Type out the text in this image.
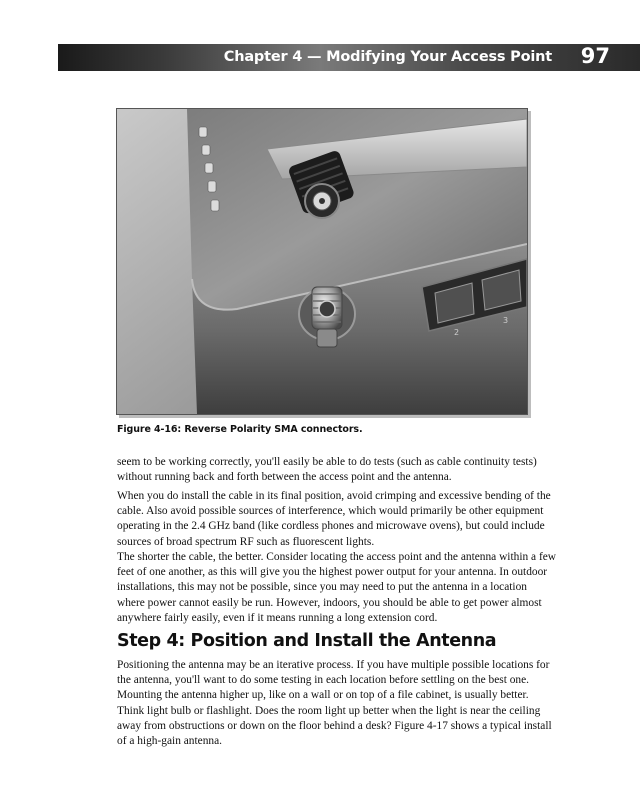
Chapter 4 — Modifying Your Access Point 97
2
3
Figure 4-16: Reverse Polarity SMA connectors.

seem to be working correctly, you'll easily be able to do tests (such as cable continuity tests) without running back and forth between the access point and the antenna.

When you do install the cable in its final position, avoid crimping and excessive bending of the cable. Also avoid possible sources of interference, which would primarily be other equipment operating in the 2.4 GHz band (like cordless phones and microwave ovens), but could include sources of broad spectrum RF such as fluorescent lights.

The shorter the cable, the better. Consider locating the access point and the antenna within a few feet of one another, as this will give you the highest power output for your antenna. In outdoor installations, this may not be possible, since you may need to put the antenna in a location where power cannot easily be run. However, indoors, you should be able to get power almost anywhere fairly easily, even if it means running a long extension cord.

Step 4: Position and Install the Antenna

Positioning the antenna may be an iterative process. If you have multiple possible locations for the antenna, you'll want to do some testing in each location before settling on the best one. Mounting the antenna higher up, like on a wall or on top of a file cabinet, is usually better. Think light bulb or flashlight. Does the room light up better when the light is near the ceiling away from obstructions or down on the floor behind a desk? Figure 4-17 shows a typical install of a high-gain antenna.
